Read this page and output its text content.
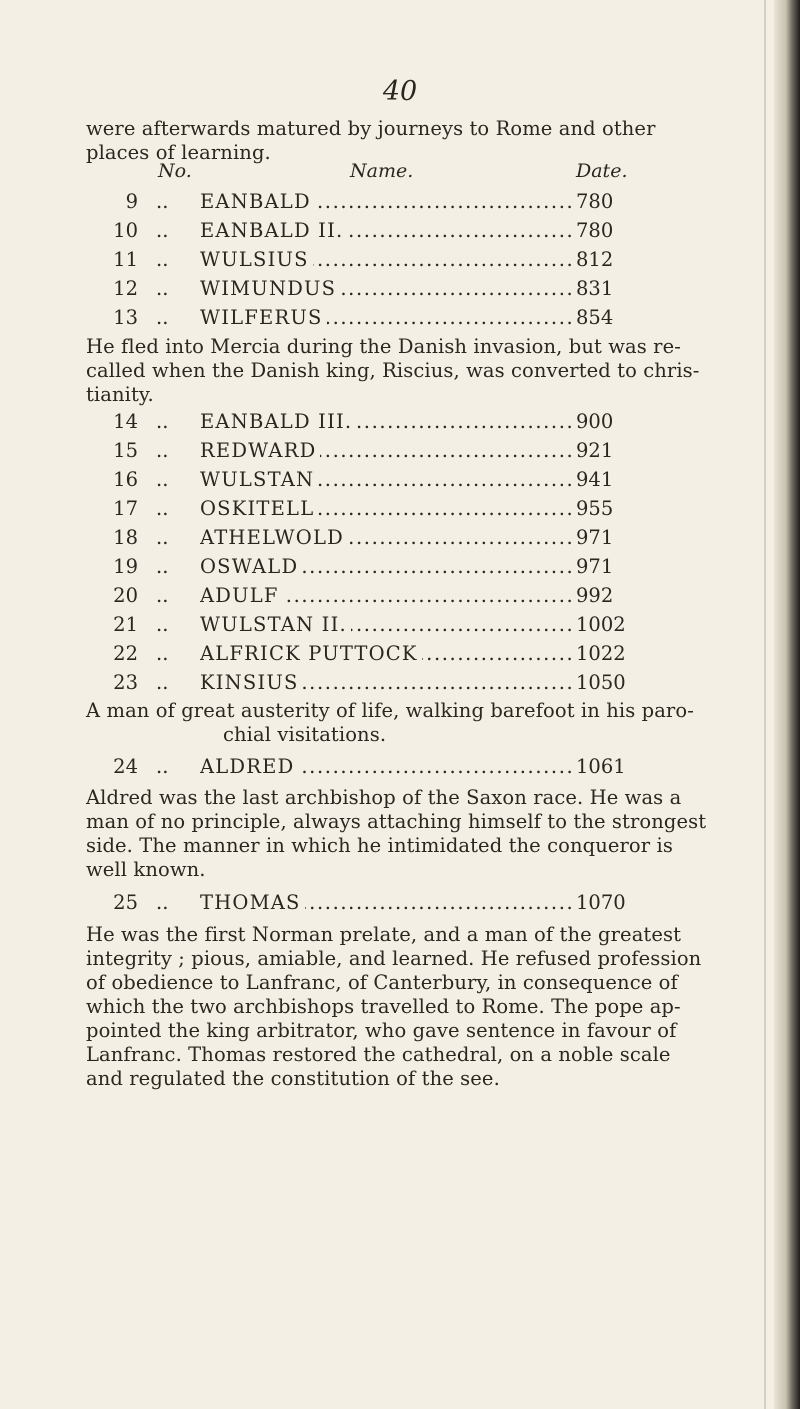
40
were afterwards matured by journeys to Rome and other
places of learning.
No.	Name.	Date.
9 .. EANBALD .....	780
10 .. EANBALD II. .....	780
11 .. WULSIUS .....	812
12 .. WIMUNDUS .....	831
13 .. WILFERUS .....	854
He fled into Mercia during the Danish invasion, but was re-
called when the Danish king, Riscius, was converted to chris-
tianity.
14 .. EANBALD III. .....	900
15 .. REDWARD .....	921
16 .. WULSTAN .....	941
17 .. OSKITELL .....	955
18 .. ATHELWOLD .....	971
19 .. OSWALD .....	971
20 .. ADULF .....	992
21 .. WULSTAN II. .....	1002
22 .. ALFRICK PUTTOCK .....	1022
23 .. KINSIUS .....	1050
A man of great austerity of life, walking barefoot in his paro-
chial visitations.
24 .. ALDRED .....	1061
Aldred was the last archbishop of the Saxon race. He was a
man of no principle, always attaching himself to the strongest
side. The manner in which he intimidated the conqueror is
well known.
25 .. THOMAS .....	1070
He was the first Norman prelate, and a man of the greatest
integrity ; pious, amiable, and learned. He refused profession
of obedience to Lanfranc, of Canterbury, in consequence of
which the two archbishops travelled to Rome. The pope ap-
pointed the king arbitrator, who gave sentence in favour of
Lanfranc. Thomas restored the cathedral, on a noble scale
and regulated the constitution of the see.
